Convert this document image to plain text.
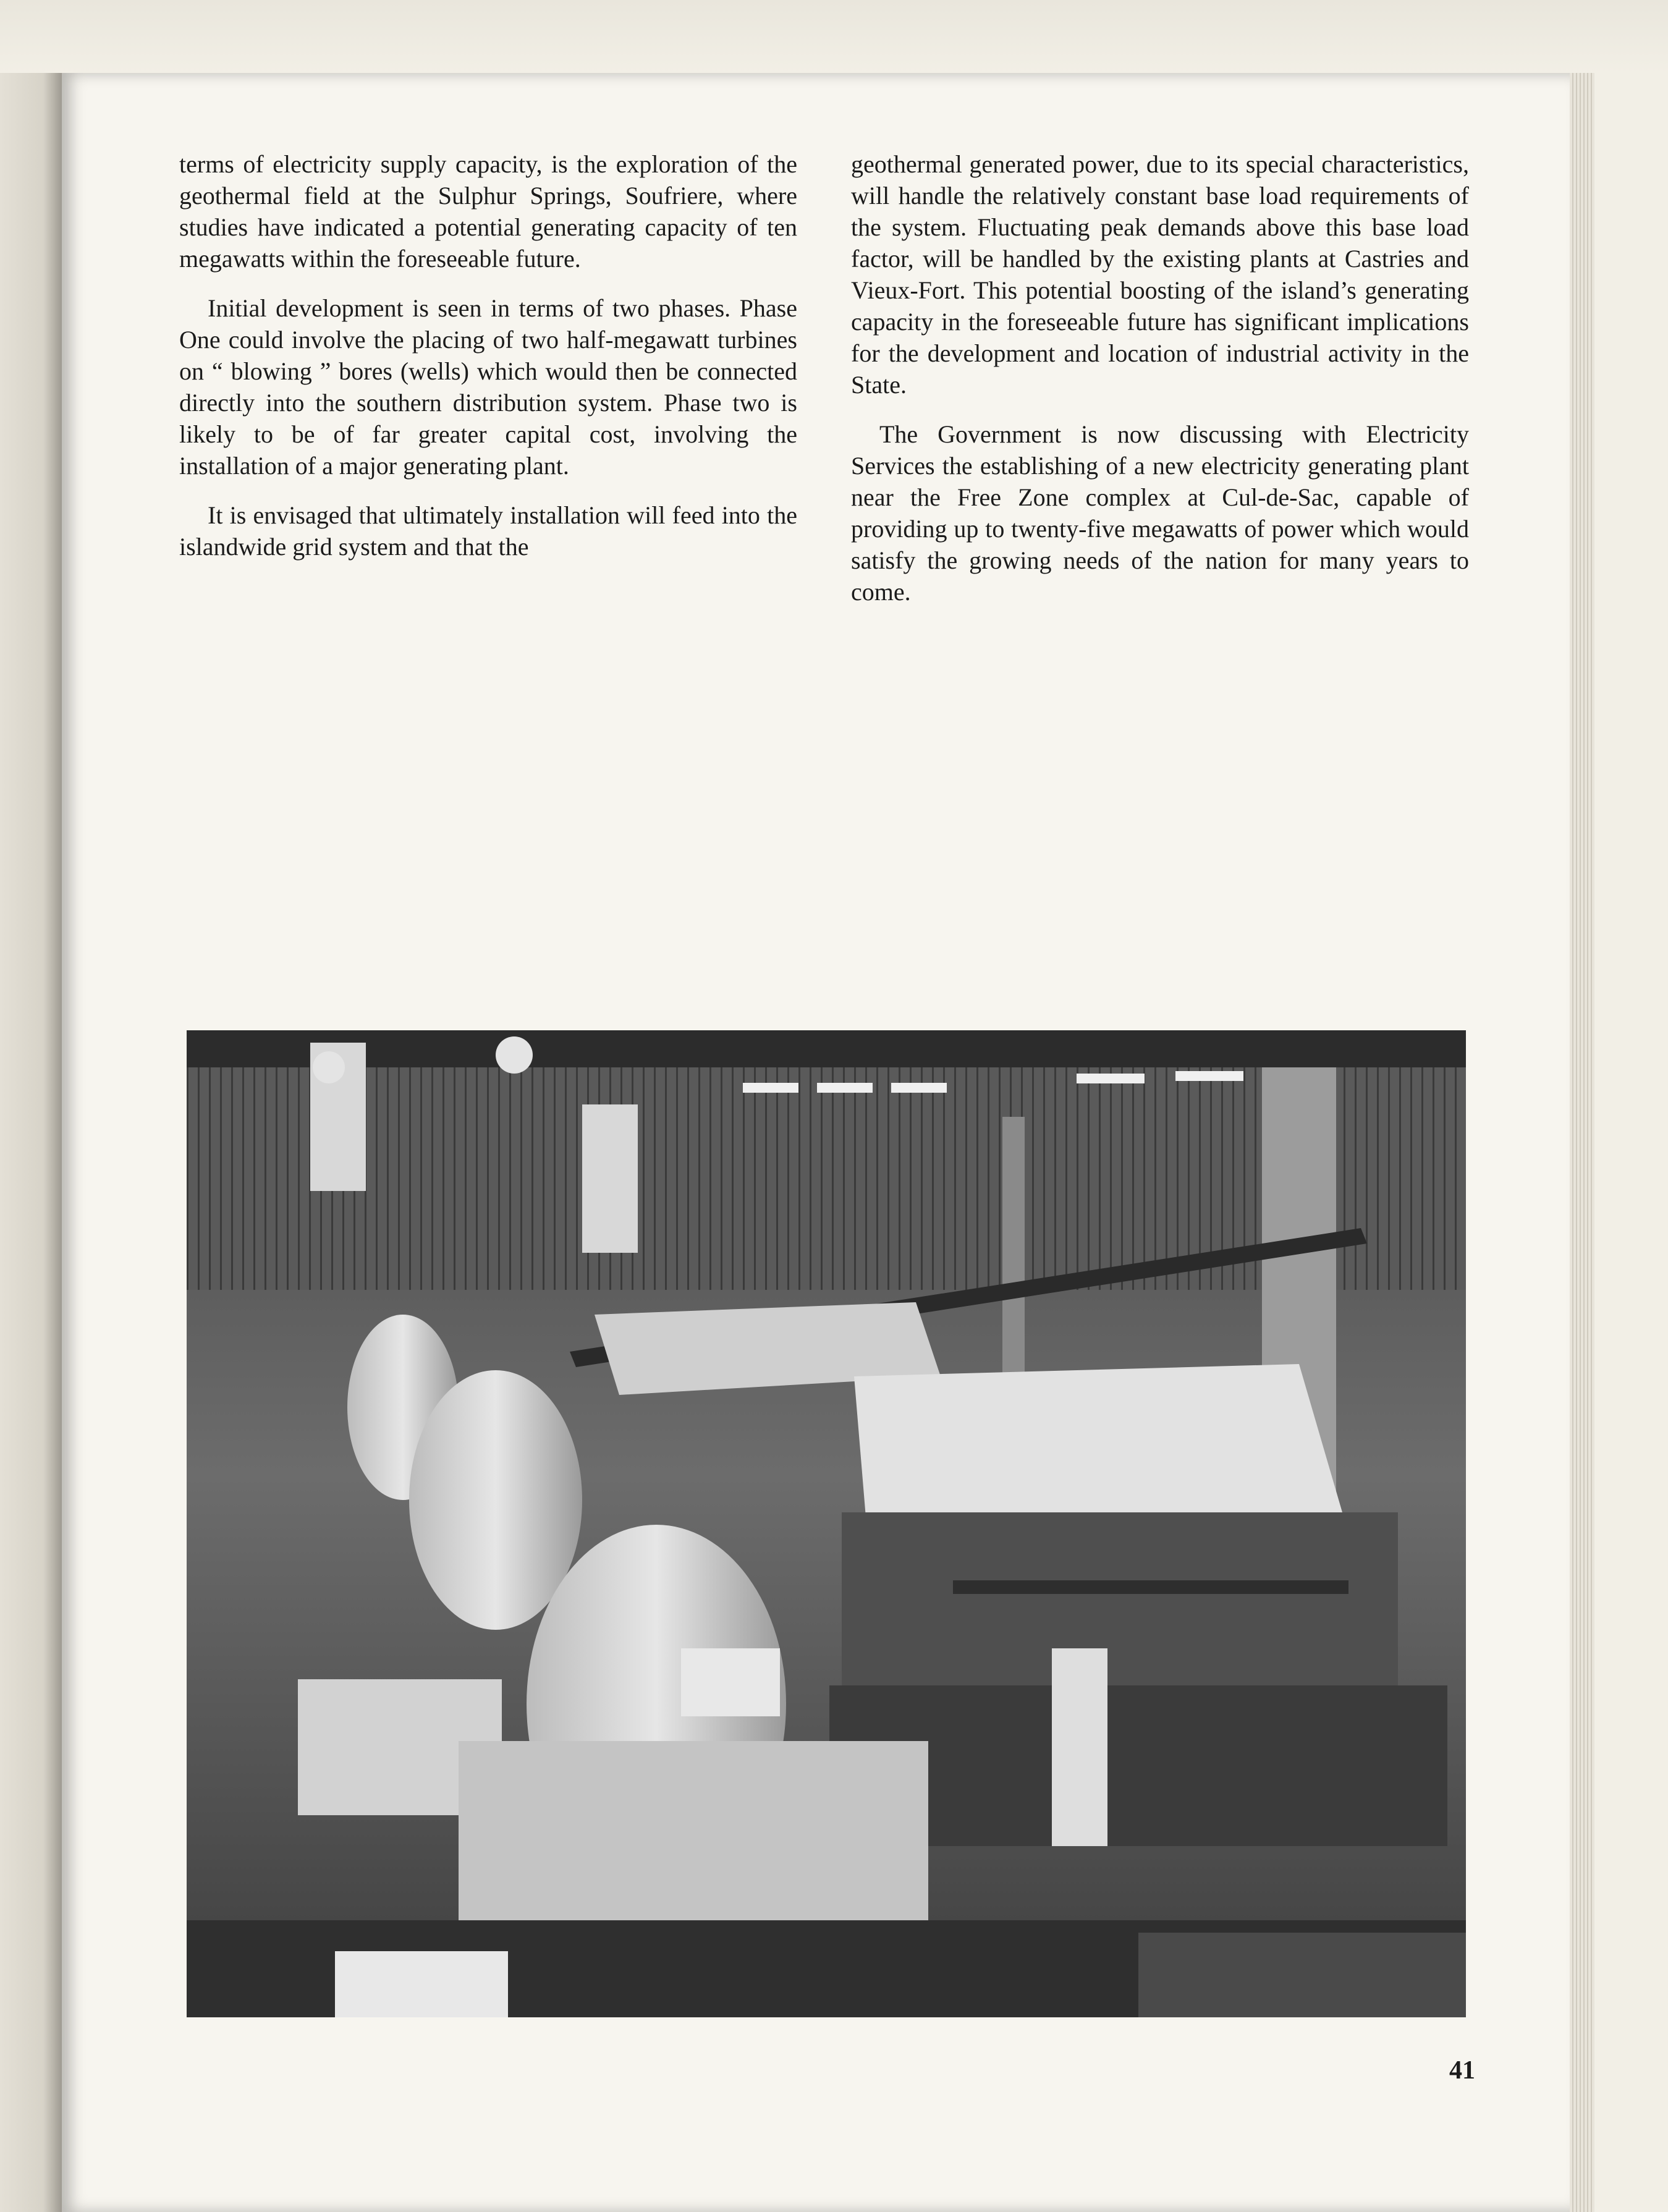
terms of electricity supply capacity, is the exploration of the geothermal field at the Sulphur Springs, Soufriere, where studies have indicated a potential generating capacity of ten megawatts within the foreseeable future.

Initial development is seen in terms of two phases. Phase One could involve the placing of two half-megawatt turbines on “ blowing ” bores (wells) which would then be connected directly into the southern distribution system. Phase two is likely to be of far greater capital cost, involving the installation of a major generating plant.

It is envisaged that ultimately installation will feed into the islandwide grid system and that the

geothermal generated power, due to its special characteristics, will handle the relatively constant base load requirements of the system. Fluctuating peak demands above this base load factor, will be handled by the existing plants at Castries and Vieux-Fort. This potential boosting of the island’s generating capacity in the foreseeable future has significant implications for the development and location of industrial activity in the State.

The Government is now discussing with Electricity Services the establishing of a new electricity generating plant near the Free Zone complex at Cul-de-Sac, capable of providing up to twenty-five megawatts of power which would satisfy the growing needs of the nation for many years to come.

41
